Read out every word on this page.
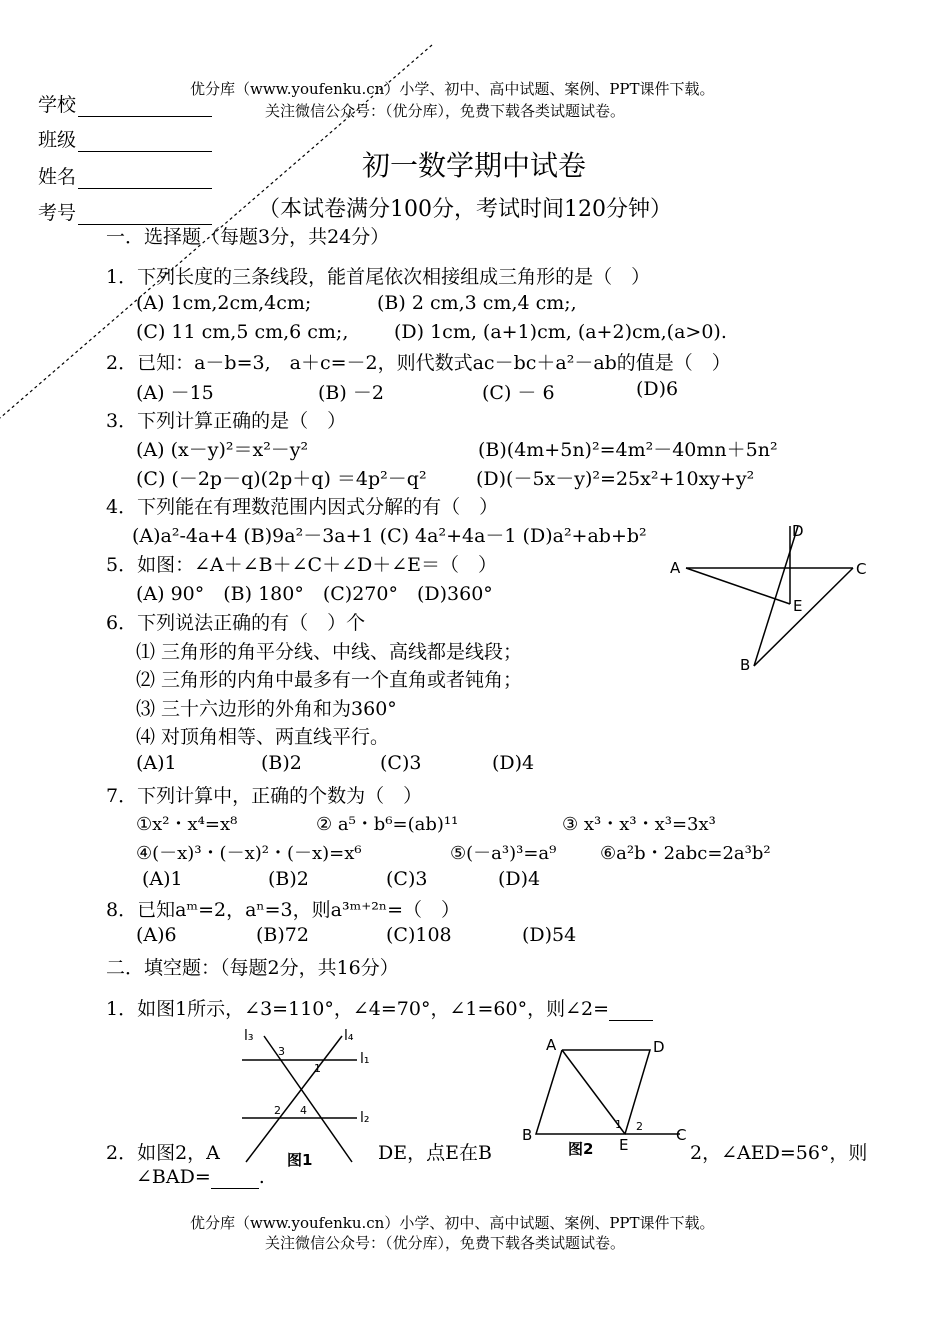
优分库（www.youfenku.cn）小学、初中、高中试题、案例、PPT课件下载。
关注微信公众号：（优分库），免费下载各类试题试卷。
学校
班级
姓名
考号
初一数学期中试卷
（本试卷满分100分，考试时间120分钟）
一．选择题（每题3分，共24分）
1．下列长度的三条线段，能首尾依次相接组成三角形的是（　）
(A) 1cm,2cm,4cm;	(B) 2 cm,3 cm,4 cm;,
(C) 11 cm,5 cm,6 cm;, (D) 1cm, (a+1)cm, (a+2)cm,(a>0).
2．已知：a－b=3,　a＋c=－2，则代数式ac－bc＋a²－ab的值是（　）
(A) －15	(B) －2	(C) － 6	(D)6
3．下列计算正确的是（　）
(A) (x－y)²＝x²－y²	(B)(4m+5n)²=4m²－40mn＋5n²
(C) (－2p－q)(2p＋q) ＝4p²－q²	(D)(－5x－y)²=25x²+10xy+y²
4．下列能在有理数范围内因式分解的有（　）
(A)a²-4a+4 (B)9a²－3a+1 (C) 4a²+4a－1 (D)a²+ab+b²
5．如图：∠A＋∠B＋∠C＋∠D＋∠E＝（　）
(A) 90°　(B) 180°　(C)270°　(D)360°
A
B
C
D
E
6．下列说法正确的有（　）个
⑴ 三角形的角平分线、中线、高线都是线段；
⑵ 三角形的内角中最多有一个直角或者钝角；
⑶ 三十六边形的外角和为360°
⑷ 对顶角相等、两直线平行。
(A)1	(B)2	(C)3	(D)4
7．下列计算中，正确的个数为（　）
①x²・x⁴=x⁸	② a⁵・b⁶=(ab)¹¹	③ x³・x³・x³=3x³
④(－x)³・(－x)²・(－x)=x⁶	⑤(－a³)³=a⁹ ⑥a²b・2abc=2a³b²
(A)1	(B)2	(C)3	(D)4
8．已知aᵐ=2，aⁿ=3，则a³ᵐ⁺²ⁿ=（　）
(A)6	(B)72	(C)108	(D)54
二．填空题：（每题2分，共16分）
1．如图1所示，∠3=110°，∠4=70°，∠1=60°，则∠2=
l₃	l₄
l₁
l₂
3
1
2 4
图1
A	D
B
E
C
1 2
图2
2．如图2，A	DE，点E在B	2，∠AED=56°，则
∠BAD=	.
优分库（www.youfenku.cn）小学、初中、高中试题、案例、PPT课件下载。
关注微信公众号：（优分库），免费下载各类试题试卷。
